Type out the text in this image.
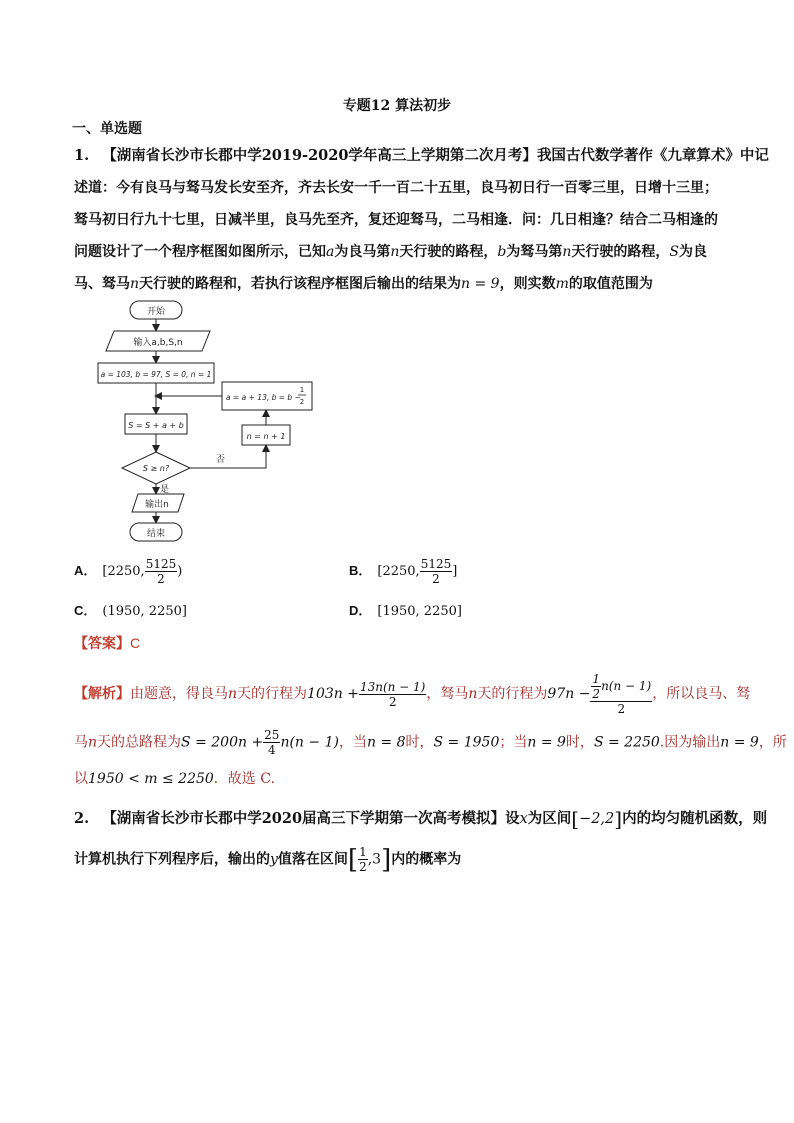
专题12 算法初步
一、单选题
1. 【湖南省长沙市长郡中学2019-2020学年高三上学期第二次月考】我国古代数学著作《九章算术》中记
述道：今有良马与驽马发长安至齐，齐去长安一千一百二十五里，良马初日行一百零三里，日增十三里；
驽马初日行九十七里，日减半里，良马先至齐，复还迎驽马，二马相逢．问：几日相逢？结合二马相逢的
问题设计了一个程序框图如图所示，已知a为良马第n天行驶的路程，b为驽马第n天行驶的路程，S为良
马、驽马n天行驶的路程和，若执行该程序框图后输出的结果为n = 9，则实数m的取值范围为
开始
输入a,b,S,n
a = 103, b = 97, S = 0, n = 1
a = a + 13, b = b −
1
2
S = S + a + b
n = n + 1
S ≥ n?
否
是
输出n
结束
A． [2250, $\frac{5125}{2}$ )	B． [2250, $\frac{5125}{2}$ ]
C． (1950, 2250]	D． [1950, 2250]
【答案】C
【解析】由题意，得良马n天的行程为$103n + \frac{13n(n - 1)}{2}$ ，驽马n天的行程为$97n - \frac{\frac{1}{2} n(n - 1)}{2}$ ，所以良马、驽
马n天的总路程为$S = 200n + \frac{25}{4} n(n - 1)$，当n = 8时，S = 1950；当n = 9时，S = 2250.因为输出n = 9，所
以1950 < m ≤ 2250．故选 C.
2. 【湖南省长沙市长郡中学2020届高三下学期第一次高考模拟】设x为区间[−2,2]内的均匀随机函数，则
计算机执行下列程序后，输出的y值落在区间[ $\frac{1}{2} ,3$]内的概率为
